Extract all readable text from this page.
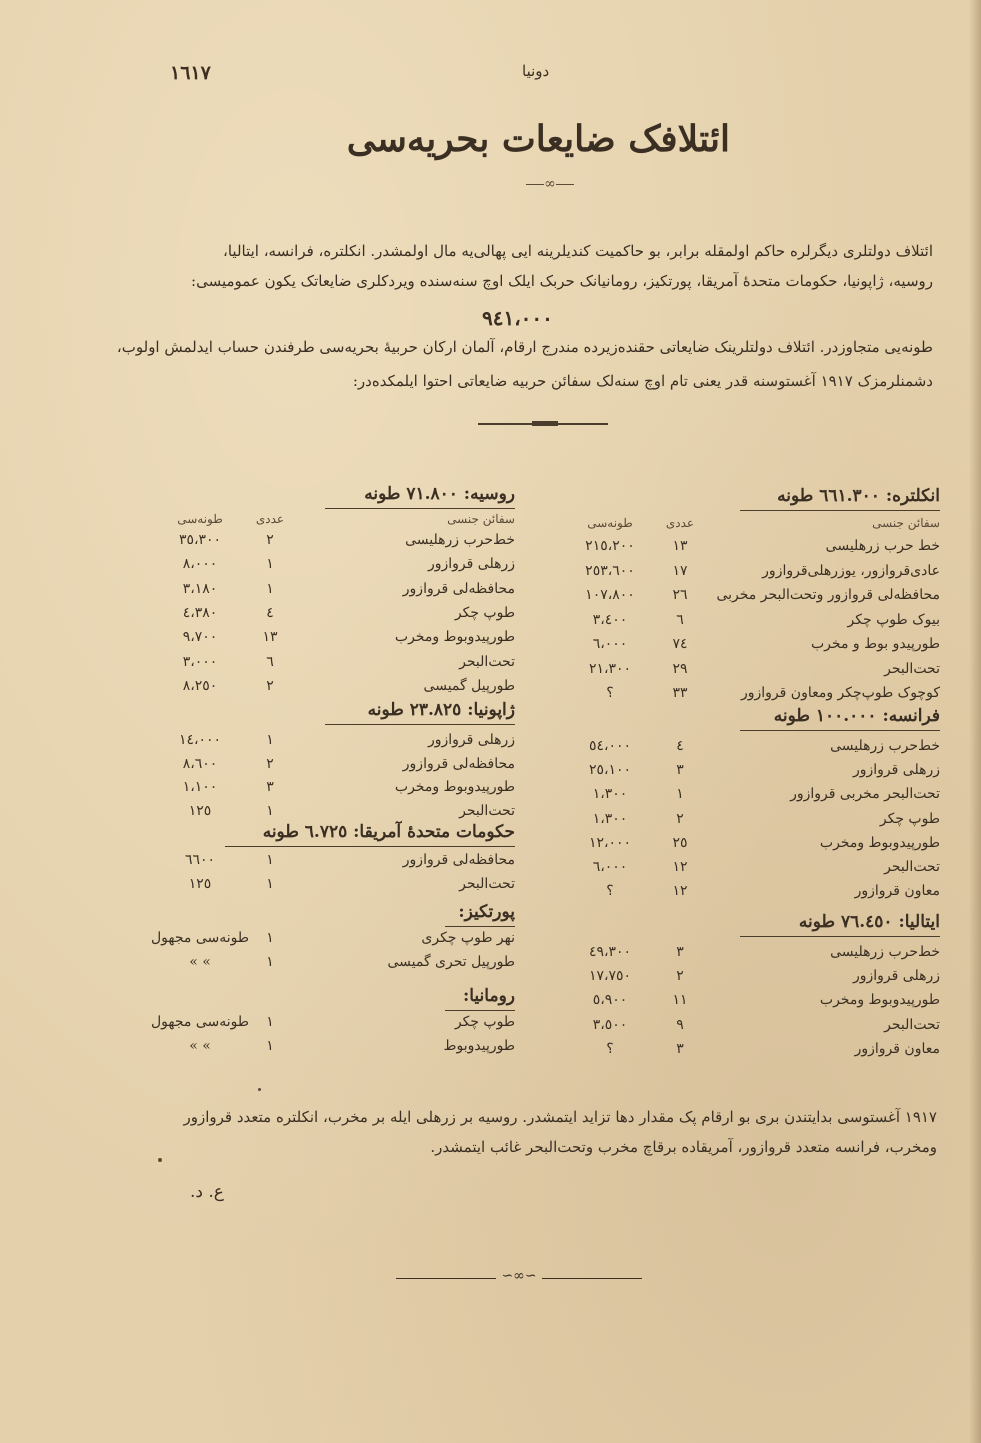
١٦١٧	دونیا
ائتلافک ضایعات بحریه‌سی
∞
ائتلاف دولتلری دیگرلره حاکم اولمقله برابر، بو حاکمیت کندیلرینه ایی پهالی‌یه مال اولمشدر. انکلتره، فرانسه، ایتالیا،
روسیه، ژاپونیا، حکومات متحدهٔ آمریقا، پورتکیز، رومانیانک حربک ایلک اوچ سنه‌سنده ویردکلری ضایعاتک یکون عمومیسی:
٩٤١،٠٠٠
طونه‌یی متجاوزدر. ائتلاف دولتلرینک ضایعاتی حقنده‌زیرده مندرج ارقام، آلمان ارکان حربیهٔ بحریه‌سی طرفندن حساب ایدلمش اولوب،
دشمنلرمزک ١٩١٧ آغستوسنه قدر یعنی تام اوچ سنه‌لک سفائن حربیه ضایعاتی احتوا ایلمکده‌در:
انکلتره: ٦٦١.٣٠٠ طونه
خط حرب زرهلیسی
١٣
٢١٥،٢٠٠
عادی‌قروازور، یوزرهلی‌قروازور
١٧
٢٥٣،٦٠٠
محافظه‌لی قروازور وتحت‌البحر مخربی
٢٦
١٠٧،٨٠٠
بیوک طوپ چکر
٦
٣،٤٠٠
طورپیدو بوط و مخرب
٧٤
٦،٠٠٠
تحت‌البحر
٢٩
٢١،٣٠٠
کوچوک طوپ‌چکر ومعاون قروازور
٣٣
؟
سفائن جنسی
عددی
طونه‌سی
فرانسه: ١٠٠.٠٠٠ طونه
خط‌حرب زرهلیسی
٤
٥٤،٠٠٠
زرهلی قروازور
٣
٢٥،١٠٠
تحت‌البحر مخربی قروازور
١
١،٣٠٠
طوپ چکر
٢
١،٣٠٠
طورپیدوبوط ومخرب
٢٥
١٢،٠٠٠
تحت‌البحر
١٢
٦،٠٠٠
معاون قروازور
١٢
؟
ایتالیا: ٧٦.٤٥٠ طونه
خط‌حرب زرهلیسی
٣
٤٩،٣٠٠
زرهلی قروازور
٢
١٧،٧٥٠
طورپیدوبوط ومخرب
١١
٥،٩٠٠
تحت‌البحر
٩
٣،٥٠٠
معاون قروازور
٣
؟
روسیه: ٧١.٨٠٠ طونه
خط‌حرب زرهلیسی
٢
٣٥،٣٠٠
زرهلی قروازور
١
٨،٠٠٠
محافظه‌لی قروازور
١
٣،١٨٠
طوپ چکر
٤
٤،٣٨٠
طورپیدوبوط ومخرب
١٣
٩،٧٠٠
تحت‌البحر
٦
٣،٠٠٠
طورپیل گمیسی
٢
٨،٢٥٠
سفائن جنسی
عددی
طونه‌سی
ژاپونیا: ٢٣.٨٢٥ طونه
زرهلی قروازور
١
١٤،٠٠٠
محافظه‌لی قروازور
٢
٨،٦٠٠
طورپیدوبوط ومخرب
٣
١،١٠٠
تحت‌البحر
١
١٢٥
حکومات متحدهٔ آمریقا: ٦.٧٢٥ طونه
محافظه‌لی قروازور
١
٦٦٠٠
تحت‌البحر
١
١٢٥
پورتکیز:
نهر طوپ چکری
١
طونه‌سی مجهول
طورپیل تحری گمیسی
١
» »
رومانیا:
طوپ چکر
١
طونه‌سی مجهول
طورپیدوبوط
١
» »
١٩١٧ آغستوسی بدایتندن بری بو ارقام پک مقدار دها تزاید ایتمشدر. روسیه بر زرهلی ایله بر مخرب، انکلتره متعدد قروازور
ومخرب، فرانسه متعدد قروازور، آمریقاده برقاچ مخرب وتحت‌البحر غائب ایتمشدر.
ع. د.
∽∞∽
